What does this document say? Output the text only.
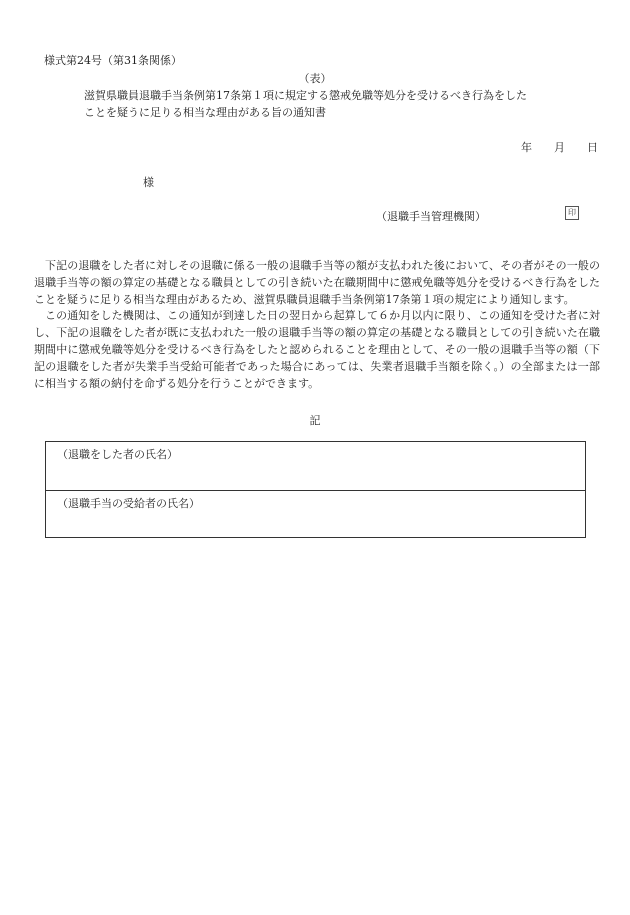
様式第24号（第31条関係）
（表）
滋賀県職員退職手当条例第17条第１項に規定する懲戒免職等処分を受けるべき行為をした
ことを疑うに足りる相当な理由がある旨の通知書
年 月 日
様
（退職手当管理機関）	印

下記の退職をした者に対しその退職に係る一般の退職手当等の額が支払われた後において、その者がその一般の退職手当等の額の算定の基礎となる職員としての引き続いた在職期間中に懲戒免職等処分を受けるべき行為をしたことを疑うに足りる相当な理由があるため、滋賀県職員退職手当条例第17条第１項の規定により通知します。

この通知をした機関は、この通知が到達した日の翌日から起算して６か月以内に限り、この通知を受けた者に対し、下記の退職をした者が既に支払われた一般の退職手当等の額の算定の基礎となる職員としての引き続いた在職期間中に懲戒免職等処分を受けるべき行為をしたと認められることを理由として、その一般の退職手当等の額（下記の退職をした者が失業手当受給可能者であった場合にあっては、失業者退職手当額を除く。）の全部または一部に相当する額の納付を命ずる処分を行うことができます。

記
（退職をした者の氏名）
（退職手当の受給者の氏名）
